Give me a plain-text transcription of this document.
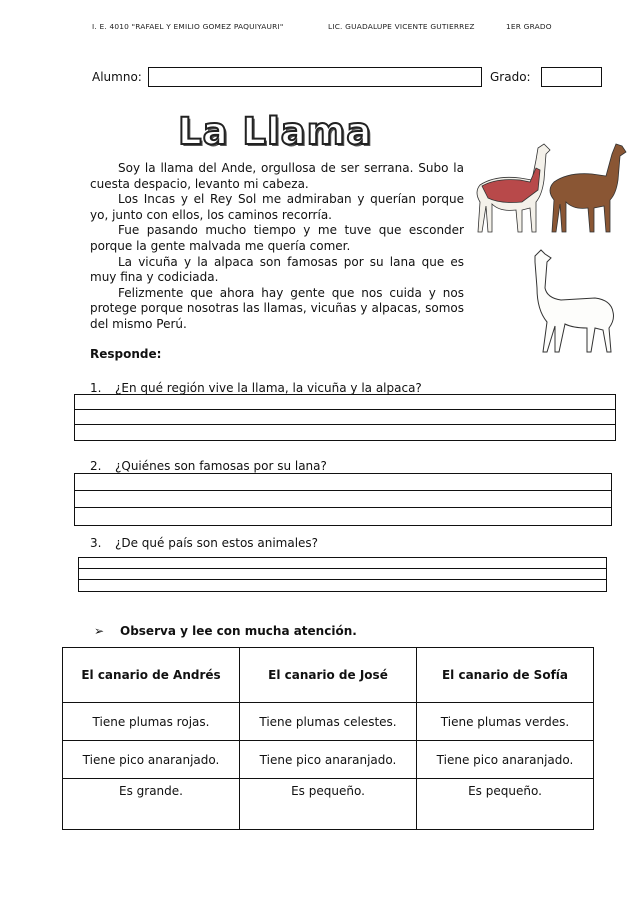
I. E. 4010 "RAFAEL Y EMILIO GOMEZ PAQUIYAURI"	LIC. GUADALUPE VICENTE GUTIERREZ	1ER GRADO
Alumno:	Grado:
La Llama

Soy la llama del Ande, orgullosa de ser serrana. Subo la cuesta despacio, levanto mi cabeza.

Los Incas y el Rey Sol me admiraban y querían porque yo, junto con ellos, los caminos recorría.

Fue pasando mucho tiempo y me tuve que esconder porque la gente malvada me quería comer.

La vicuña y la alpaca son famosas por su lana que es muy fina y codiciada.

Felizmente que ahora hay gente que nos cuida y nos protege porque nosotras las llamas, vicuñas y alpacas, somos del mismo Perú.

Responde:
1. ¿En qué región vive la llama, la vicuña y la alpaca?
2. ¿Quiénes son famosas por su lana?
3. ¿De qué país son estos animales?
➢ Observa y lee con mucha atención.
El canario de Andrés	El canario de José	El canario de Sofía
Tiene plumas rojas.	Tiene plumas celestes.	Tiene plumas verdes.
Tiene pico anaranjado.	Tiene pico anaranjado.	Tiene pico anaranjado.
Es grande.	Es pequeño.	Es pequeño.
